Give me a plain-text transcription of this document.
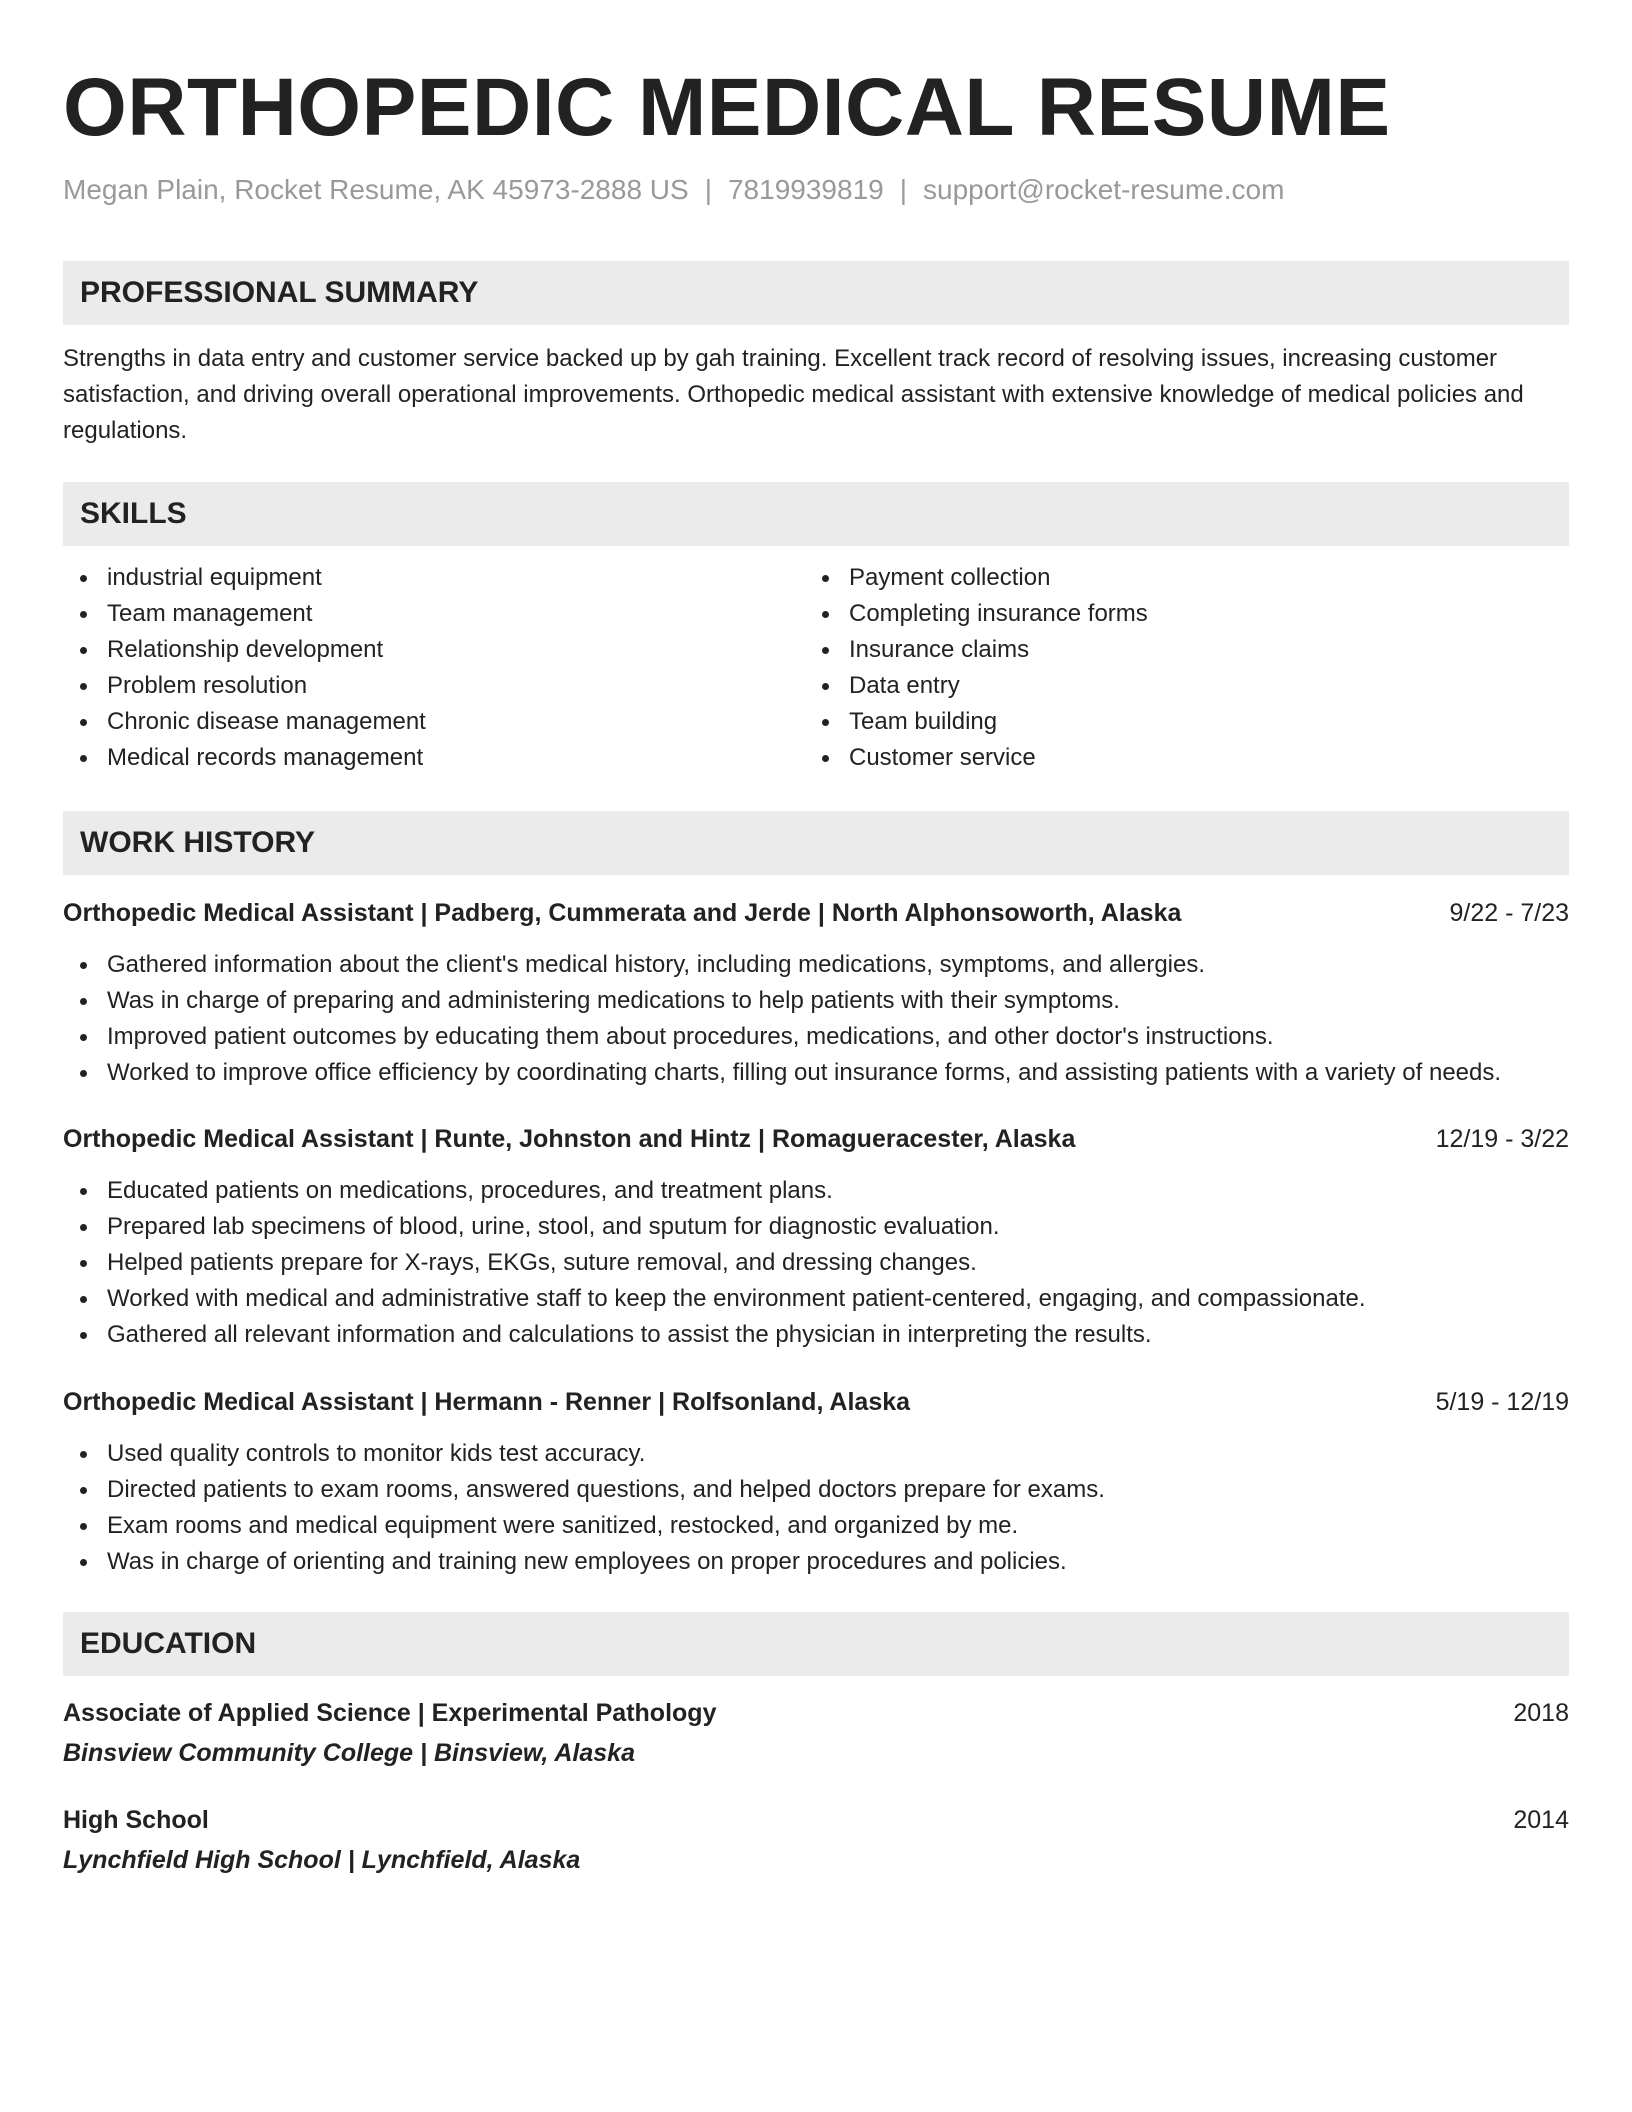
ORTHOPEDIC MEDICAL RESUME
Megan Plain, Rocket Resume, AK 45973-2888 US | 7819939819 | support@rocket-resume.com
PROFESSIONAL SUMMARY
Strengths in data entry and customer service backed up by gah training. Excellent track record of resolving issues, increasing customer satisfaction, and driving overall operational improvements. Orthopedic medical assistant with extensive knowledge of medical policies and regulations.
SKILLS
industrial equipment
Team management
Relationship development
Problem resolution
Chronic disease management
Medical records management
Payment collection
Completing insurance forms
Insurance claims
Data entry
Team building
Customer service
WORK HISTORY
Orthopedic Medical Assistant | Padberg, Cummerata and Jerde | North Alphonsoworth, Alaska	9/22 - 7/23
Gathered information about the client's medical history, including medications, symptoms, and allergies.
Was in charge of preparing and administering medications to help patients with their symptoms.
Improved patient outcomes by educating them about procedures, medications, and other doctor's instructions.
Worked to improve office efficiency by coordinating charts, filling out insurance forms, and assisting patients with a variety of needs.
Orthopedic Medical Assistant | Runte, Johnston and Hintz | Romagueracester, Alaska	12/19 - 3/22
Educated patients on medications, procedures, and treatment plans.
Prepared lab specimens of blood, urine, stool, and sputum for diagnostic evaluation.
Helped patients prepare for X-rays, EKGs, suture removal, and dressing changes.
Worked with medical and administrative staff to keep the environment patient-centered, engaging, and compassionate.
Gathered all relevant information and calculations to assist the physician in interpreting the results.
Orthopedic Medical Assistant | Hermann - Renner | Rolfsonland, Alaska	5/19 - 12/19
Used quality controls to monitor kids test accuracy.
Directed patients to exam rooms, answered questions, and helped doctors prepare for exams.
Exam rooms and medical equipment were sanitized, restocked, and organized by me.
Was in charge of orienting and training new employees on proper procedures and policies.
EDUCATION
Associate of Applied Science | Experimental Pathology	2018
Binsview Community College | Binsview, Alaska
High School	2014
Lynchfield High School | Lynchfield, Alaska
